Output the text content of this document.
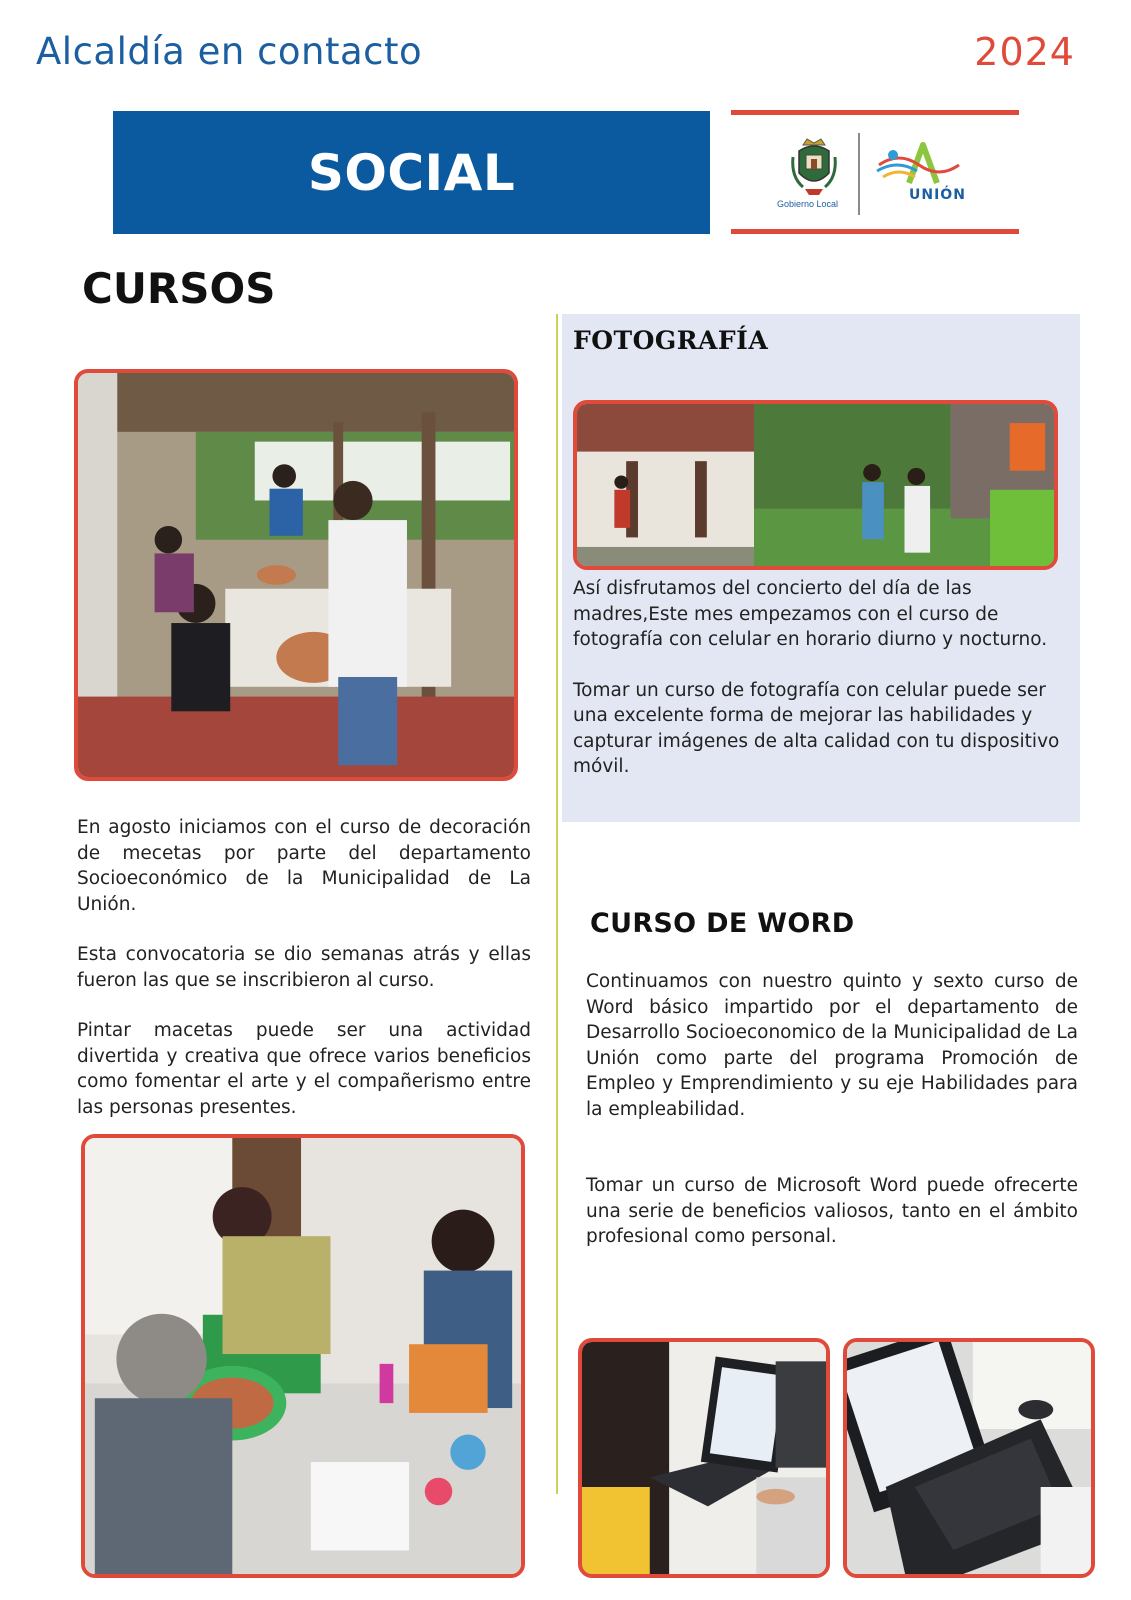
Alcaldía en contacto	2024
SOCIAL
Gobierno Local
UNIÓN
CURSOS

En agosto iniciamos con el curso de decoración de mecetas por parte del departamento Socioeconómico de la Municipalidad de La Unión.

Esta convocatoria se dio semanas atrás y ellas fueron las que se inscribieron al curso.

Pintar macetas puede ser una actividad divertida y creativa que ofrece varios beneficios como fomentar el arte y el compañerismo entre las personas presentes.

FOTOGRAFÍA

Así disfrutamos del concierto del día de las madres,Este mes empezamos con el curso de fotografía con celular en horario diurno y nocturno.

Tomar un curso de fotografía con celular puede ser una excelente forma de mejorar las habilidades y capturar imágenes de alta calidad con tu dispositivo móvil.

CURSO DE WORD

Continuamos con nuestro quinto y sexto curso de Word básico impartido por el departamento de Desarrollo Socioeconomico de la Municipalidad de La Unión como parte del programa Promoción de Empleo y Emprendimiento y su eje Habilidades para la empleabilidad.

Tomar un curso de Microsoft Word puede ofrecerte una serie de beneficios valiosos, tanto en el ámbito profesional como personal.
